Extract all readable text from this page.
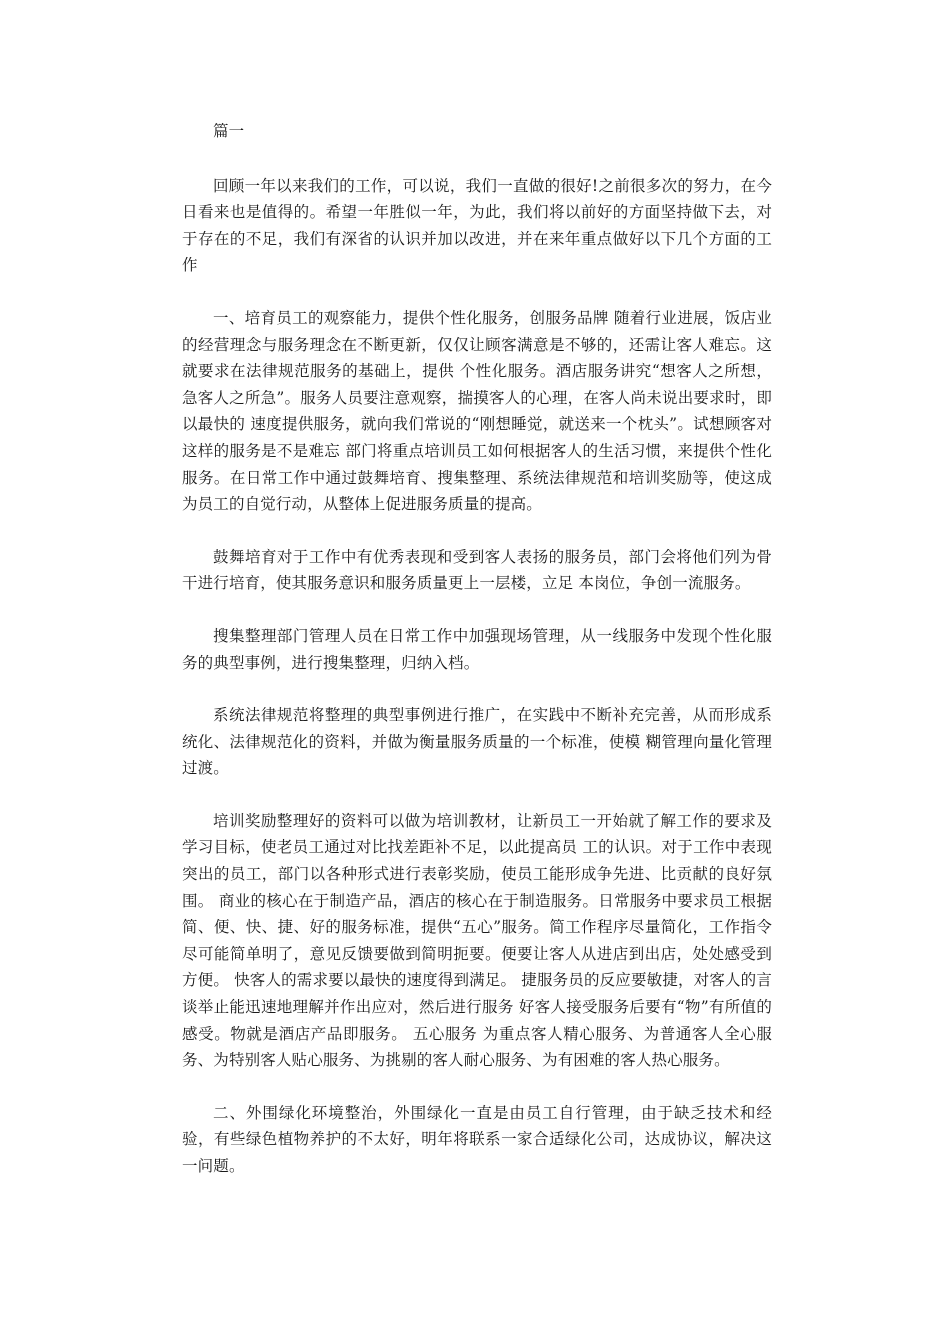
篇一

回顾一年以来我们的工作，可以说，我们一直做的很好!之前很多次的努力，在今日看来也是值得的。希望一年胜似一年，为此，我们将以前好的方面坚持做下去，对于存在的不足，我们有深省的认识并加以改进，并在来年重点做好以下几个方面的工作

一、培育员工的观察能力，提供个性化服务，创服务品牌 随着行业进展，饭店业的经营理念与服务理念在不断更新，仅仅让顾客满意是不够的，还需让客人难忘。这就要求在法律规范服务的基础上，提供 个性化服务。酒店服务讲究“想客人之所想，急客人之所急”。服务人员要注意观察，揣摸客人的心理，在客人尚未说出要求时，即以最快的 速度提供服务，就向我们常说的“刚想睡觉，就送来一个枕头”。试想顾客对这样的服务是不是难忘 部门将重点培训员工如何根据客人的生活习惯，来提供个性化服务。在日常工作中通过鼓舞培育、搜集整理、系统法律规范和培训奖励等，使这成 为员工的自觉行动，从整体上促进服务质量的提高。

鼓舞培育对于工作中有优秀表现和受到客人表扬的服务员，部门会将他们列为骨干进行培育，使其服务意识和服务质量更上一层楼，立足 本岗位，争创一流服务。

搜集整理部门管理人员在日常工作中加强现场管理，从一线服务中发现个性化服务的典型事例，进行搜集整理，归纳入档。

系统法律规范将整理的典型事例进行推广，在实践中不断补充完善，从而形成系统化、法律规范化的资料，并做为衡量服务质量的一个标准，使模 糊管理向量化管理过渡。

培训奖励整理好的资料可以做为培训教材，让新员工一开始就了解工作的要求及学习目标，使老员工通过对比找差距补不足，以此提高员 工的认识。对于工作中表现突出的员工，部门以各种形式进行表彰奖励，使员工能形成争先进、比贡献的良好氛围。 商业的核心在于制造产品，酒店的核心在于制造服务。日常服务中要求员工根据简、便、快、捷、好的服务标准，提供“五心”服务。简工作程序尽量简化，工作指令尽可能简单明了，意见反馈要做到简明扼要。便要让客人从进店到出店，处处感受到方便。 快客人的需求要以最快的速度得到满足。 捷服务员的反应要敏捷，对客人的言谈举止能迅速地理解并作出应对，然后进行服务 好客人接受服务后要有“物”有所值的感受。物就是酒店产品即服务。 五心服务 为重点客人精心服务、为普通客人全心服务、为特别客人贴心服务、为挑剔的客人耐心服务、为有困难的客人热心服务。

二、外围绿化环境整治，外围绿化一直是由员工自行管理，由于缺乏技术和经验，有些绿色植物养护的不太好，明年将联系一家合适绿化公司，达成协议，解决这一问题。
